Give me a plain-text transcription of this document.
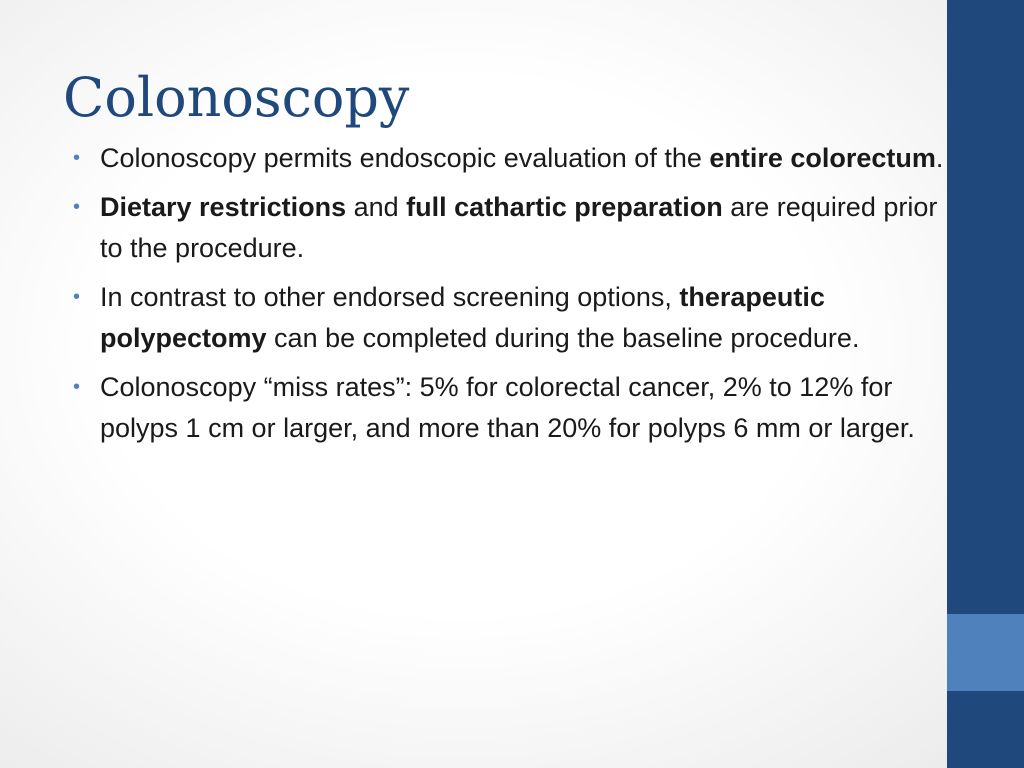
Colonoscopy
• Colonoscopy permits endoscopic evaluation of the entire colorectum.
• Dietary restrictions and full cathartic preparation are required prior to the procedure.
• In contrast to other endorsed screening options, therapeutic polypectomy can be completed during the baseline procedure.
• Colonoscopy “miss rates”: 5% for colorectal cancer, 2% to 12% for polyps 1 cm or larger, and more than 20% for polyps 6 mm or larger.
